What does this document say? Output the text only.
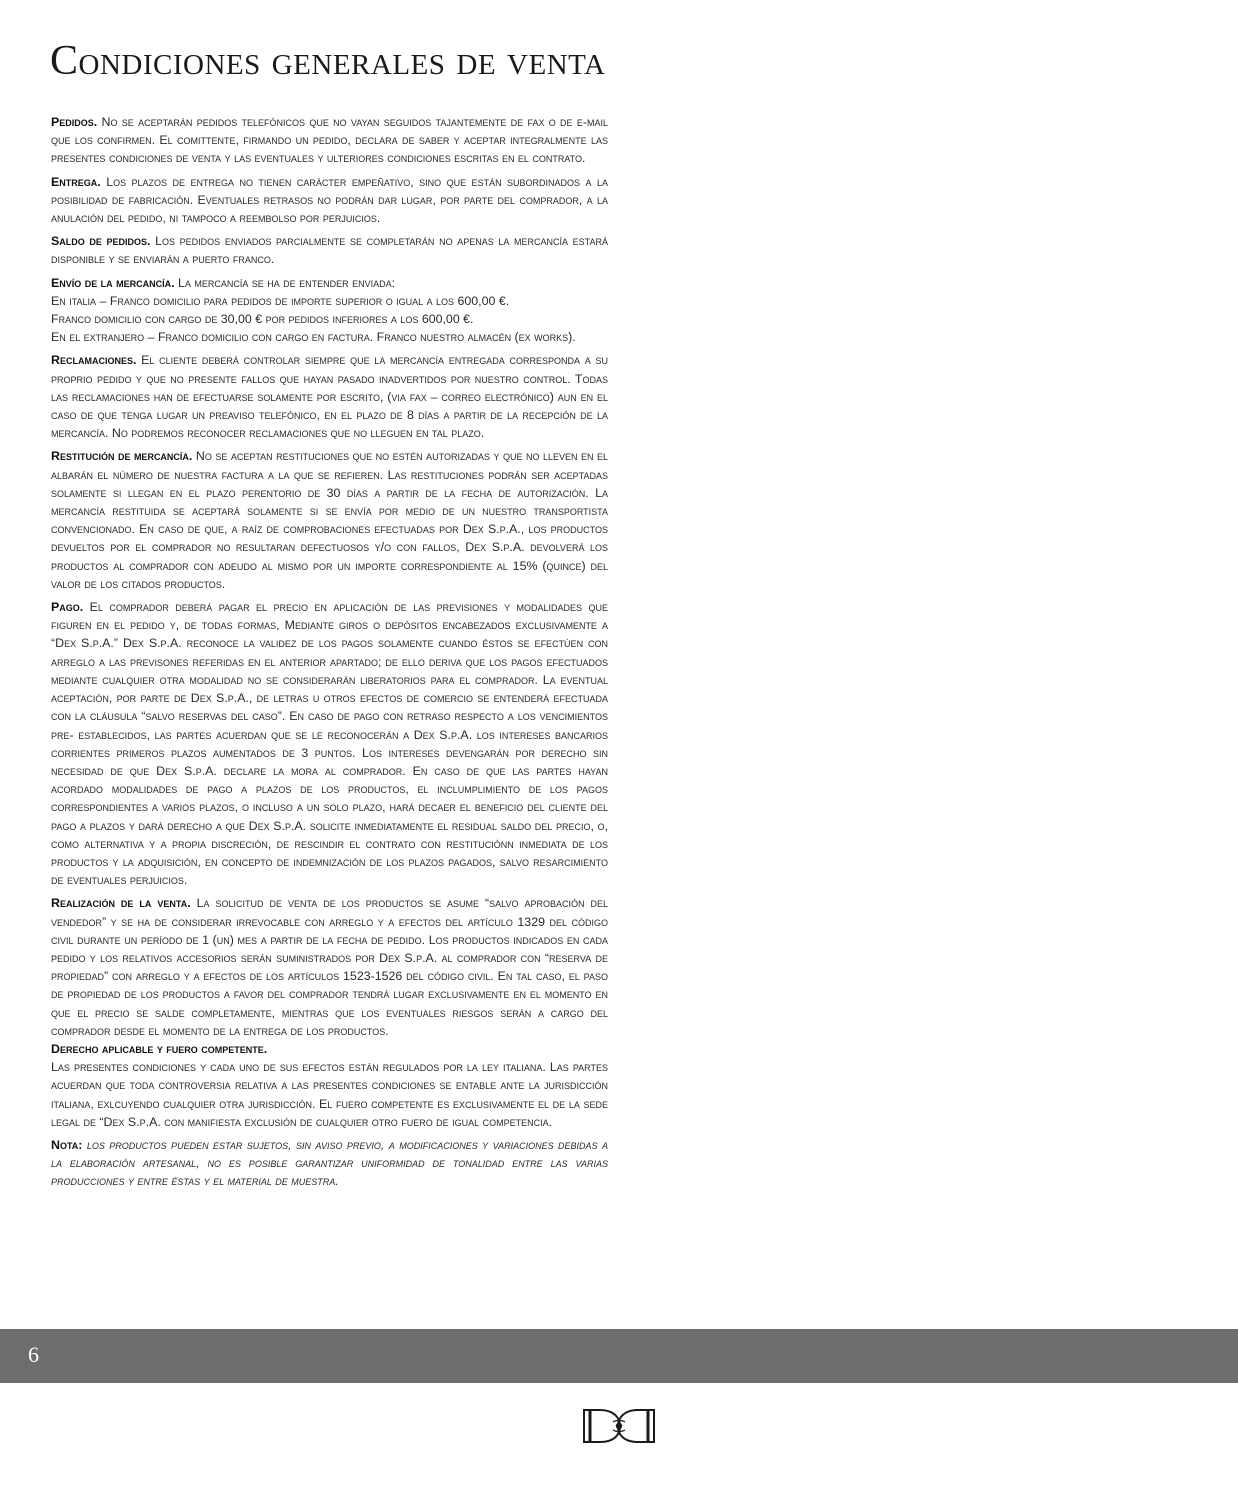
Condiciones generales de venta

Pedidos. No se aceptarán pedidos telefónicos que no vayan seguidos tajantemente de fax o de e-mail que los confirmen. El comittente, firmando un pedido, declara de saber y aceptar integralmente las presentes condiciones de venta y las eventuales y ulteriores condiciones escritas en el contrato.

Entrega. Los plazos de entrega no tienen carácter empeñativo, sino que están subordinados a la posibilidad de fabricación. Eventuales retrasos no podrán dar lugar, por parte del comprador, a la anulación del pedido, ni tampoco a reembolso por perjuicios.

Saldo de pedidos. Los pedidos enviados parcialmente se completarán no apenas la mercancía estará disponible y se enviarán a puerto franco.

Envío de la mercancía. La mercancía se ha de entender enviada:
En italia – Franco domicilio para pedidos de importe superior o igual a los 600,00 €.
Franco domicilio con cargo de 30,00 € por pedidos inferiores a los 600,00 €.
En el extranjero – Franco domicilio con cargo en factura. Franco nuestro almacén (ex works).

Reclamaciones. El cliente deberá controlar siempre que la mercancía entregada corresponda a su proprio pedido y que no presente fallos que hayan pasado inadvertidos por nuestro control. Todas las reclamaciones han de efectuarse solamente por escrito, (via fax – correo electrónico) aun en el caso de que tenga lugar un preaviso telefónico, en el plazo de 8 días a partir de la recepción de la mercancía. No podremos reconocer reclamaciones que no lleguen en tal plazo.

Restitución de mercancía. No se aceptan restituciones que no estén autorizadas y que no lleven en el albarán el número de nuestra factura a la que se refieren. Las restituciones podrán ser aceptadas solamente si llegan en el plazo perentorio de 30 días a partir de la fecha de autorización. La mercancía restituida se aceptará solamente si se envía por medio de un nuestro transportista convencionado. En caso de que, a raíz de comprobaciones efectuadas por Dex S.p.A., los productos devueltos por el comprador no resultaran defectuosos y/o con fallos, Dex S.p.A. devolverá los productos al comprador con adeudo al mismo por un importe correspondiente al 15% (quince) del valor de los citados productos.

Pago. El comprador deberá pagar el precio en aplicación de las previsiones y modalidades que figuren en el pedido y, de todas formas, Mediante giros o depósitos encabezados exclusivamente a “Dex S.p.A.” Dex S.p.A. reconoce la validez de los pagos solamente cuando éstos se efectúen con arreglo a las previsones referidas en el anterior apartado; de ello deriva que los pagos efectuados mediante cualquier otra modalidad no se considerarán liberatorios para el comprador. La eventual aceptación, por parte de Dex S.p.A., de letras u otros efectos de comercio se entenderá efectuada con la cláusula “salvo reservas del caso”. En caso de pago con retraso respecto a los vencimientos pre- establecidos, las partes acuerdan que se le reconocerán a Dex S.p.A. los intereses bancarios corrientes primeros plazos aumentados de 3 puntos. Los intereses devengarán por derecho sin necesidad de que Dex S.p.A. declare la mora al comprador. En caso de que las partes hayan acordado modalidades de pago a plazos de los productos, el inclumplimiento de los pagos correspondientes a varios plazos, o incluso a un solo plazo, hará decaer el beneficio del cliente del pago a plazos y dará derecho a que Dex S.p.A. solicite inmediatamente el residual saldo del precio, o, como alternativa y a propia discreción, de rescindir el contrato con restituciónn inmediata de los productos y la adquisición, en concepto de indemnización de los plazos pagados, salvo resarcimiento de eventuales perjuicios.

Realización de la venta. La solicitud de venta de los productos se asume “salvo aprobación del vendedor” y se ha de considerar irrevocable con arreglo y a efectos del artículo 1329 del código civil durante un período de 1 (un) mes a partir de la fecha de pedido. Los productos indicados en cada pedido y los relativos accesorios serán suministrados por Dex S.p.A. al comprador con “reserva de propiedad” con arreglo y a efectos de los artículos 1523-1526 del código civil. En tal caso, el paso de propiedad de los productos a favor del comprador tendrá lugar exclusivamente en el momento en que el precio se salde completamente, mientras que los eventuales riesgos serán a cargo del comprador desde el momento de la entrega de los productos.

Derecho aplicable y fuero competente.
Las presentes condiciones y cada uno de sus efectos están regulados por la ley italiana. Las partes acuerdan que toda controversia relativa a las presentes condiciones se entable ante la jurisdicción italiana, exlcuyendo cualquier otra jurisdicción. El fuero competente es exclusivamente el de la sede legal de “Dex S.p.A. con manifiesta exclusión de cualquier otro fuero de igual competencia.

Nota: los productos pueden estar sujetos, sin aviso previo, a modificaciones y variaciones debidas a la elaboración artesanal, no es posible garantizar uniformidad de tonalidad entre las varias producciones y entre éstas y el material de muestra.

6
